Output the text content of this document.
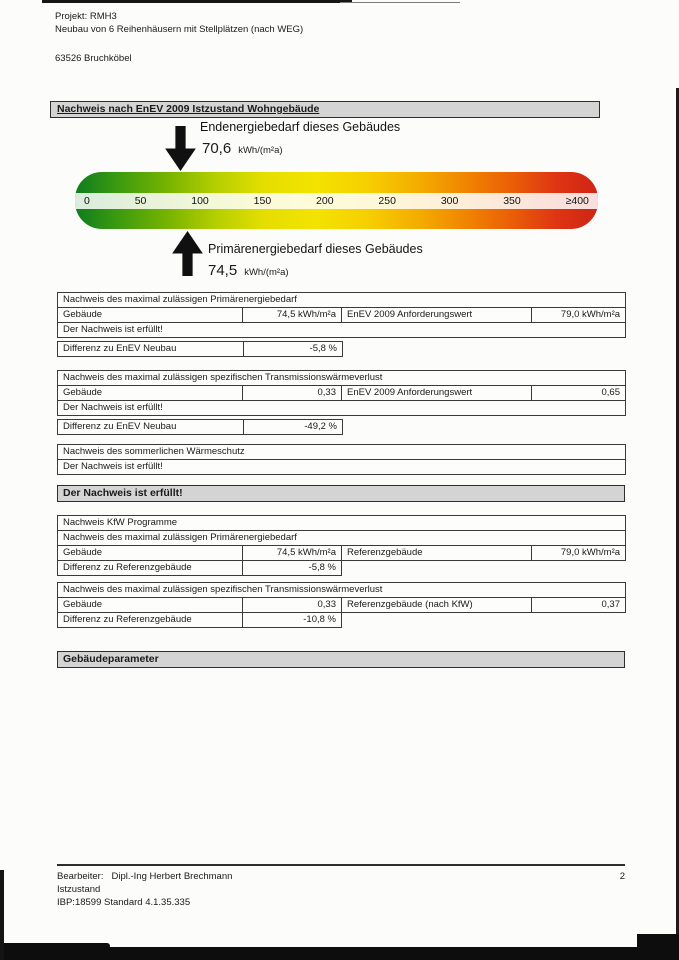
Projekt: RMH3
Neubau von 6 Reihenhäusern mit Stellplätzen (nach WEG)
63526 Bruchköbel
Nachweis nach EnEV 2009 Istzustand Wohngebäude
Endenergiebedarf dieses Gebäudes
70,6 kWh/(m²a)
0	50	100	150	200	250	300	350	≥400
Primärenergiebedarf dieses Gebäudes
74,5 kWh/(m²a)
Nachweis des maximal zulässigen Primärenergiebedarf
Gebäude	74,5 kWh/m²a	EnEV 2009 Anforderungswert	79,0 kWh/m²a
Der Nachweis ist erfüllt!
Differenz zu EnEV Neubau	-5,8 %
Nachweis des maximal zulässigen spezifischen Transmissionswärmeverlust
Gebäude	0,33	EnEV 2009 Anforderungswert	0,65
Der Nachweis ist erfüllt!
Differenz zu EnEV Neubau	-49,2 %
Nachweis des sommerlichen Wärmeschutz
Der Nachweis ist erfüllt!
Der Nachweis ist erfüllt!
Nachweis KfW Programme			
Nachweis des maximal zulässigen Primärenergiebedarf			
Gebäude	74,5 kWh/m²a	Referenzgebäude	79,0 kWh/m²a
Differenz zu Referenzgebäude	-5,8 %		
Nachweis des maximal zulässigen spezifischen Transmissionswärmeverlust			
Gebäude	0,33	Referenzgebäude (nach KfW)	0,37
Differenz zu Referenzgebäude	-10,8 %		
Gebäudeparameter
Bearbeiter: Dipl.-Ing Herbert Brechmann	2
Istzustand
IBP:18599 Standard 4.1.35.335
